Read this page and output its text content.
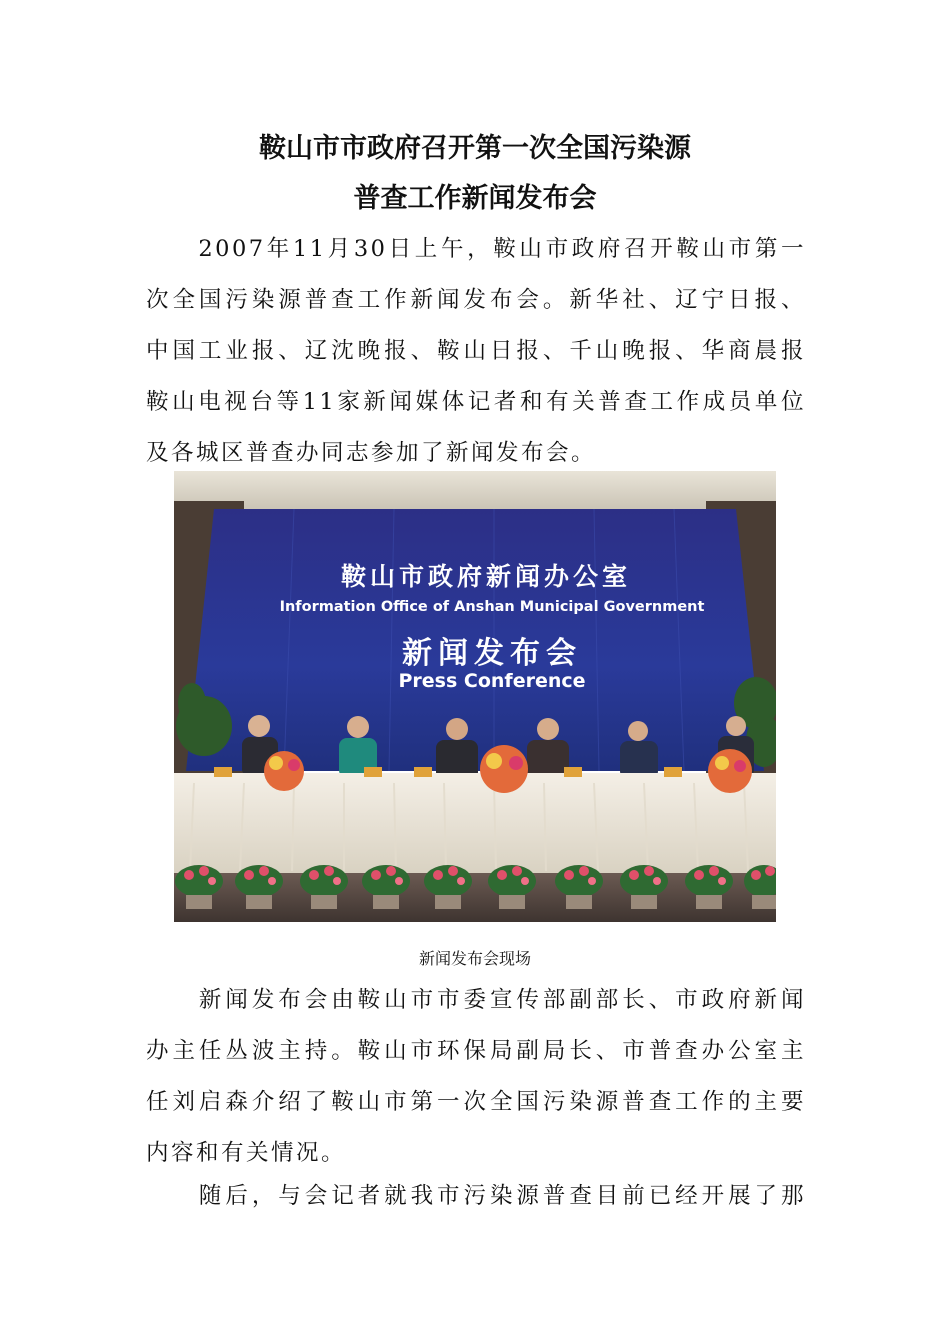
鞍山市市政府召开第一次全国污染源
普查工作新闻发布会
　　2007年11月30日上午，鞍山市政府召开鞍山市第一
次全国污染源普查工作新闻发布会。新华社、辽宁日报、
中国工业报、辽沈晚报、鞍山日报、千山晚报、华商晨报
鞍山电视台等11家新闻媒体记者和有关普查工作成员单位
及各城区普查办同志参加了新闻发布会。
鞍山市政府新闻办公室
Information Office of Anshan Municipal Government
新闻发布会
Press Conference
新闻发布会现场
　　新闻发布会由鞍山市市委宣传部副部长、市政府新闻
办主任丛波主持。鞍山市环保局副局长、市普查办公室主
任刘启森介绍了鞍山市第一次全国污染源普查工作的主要
内容和有关情况。
　　随后，与会记者就我市污染源普查目前已经开展了那
